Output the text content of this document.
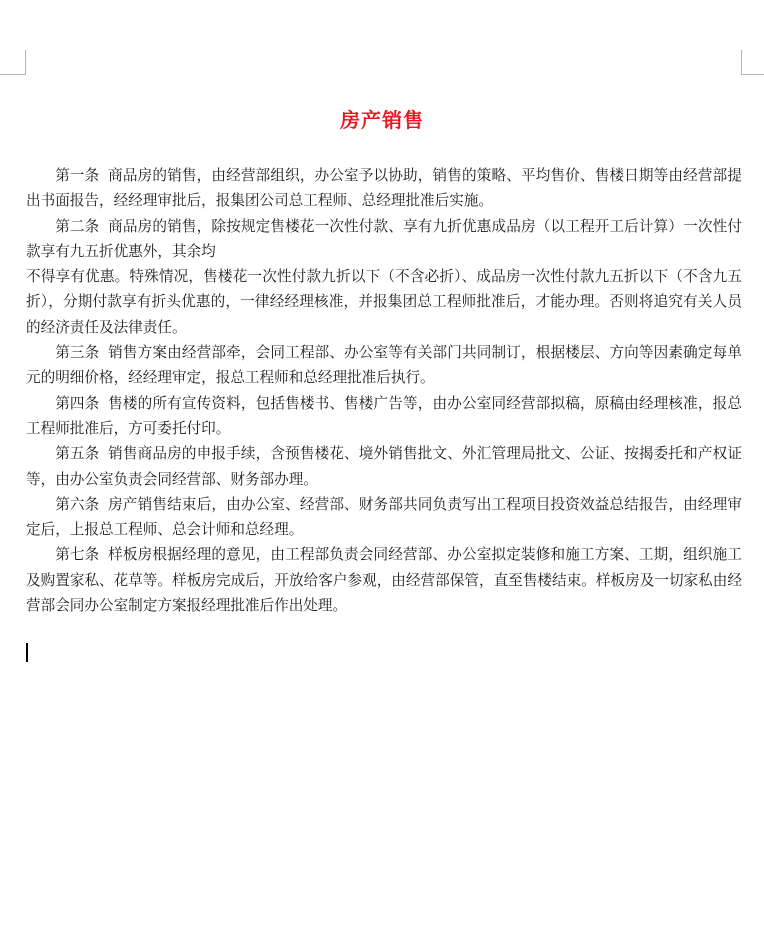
房产销售

第一条 商品房的销售，由经营部组织，办公室予以协助，销售的策略、平均售价、售楼日期等由经营部提出书面报告，经经理审批后，报集团公司总工程师、总经理批准后实施。

第二条 商品房的销售，除按规定售楼花一次性付款、享有九折优惠成品房（以工程开工后计算）一次性付款享有九五折优惠外，其余均

不得享有优惠。特殊情况，售楼花一次性付款九折以下（不含必折）、成品房一次性付款九五折以下（不含九五折），分期付款享有折头优惠的，一律经经理核准，并报集团总工程师批准后，才能办理。否则将追究有关人员的经济责任及法律责任。

第三条 销售方案由经营部牵，会同工程部、办公室等有关部门共同制订，根据楼层、方向等因素确定每单元的明细价格，经经理审定，报总工程师和总经理批准后执行。

第四条 售楼的所有宣传资料，包括售楼书、售楼广告等，由办公室同经营部拟稿，原稿由经理核准，报总工程师批准后，方可委托付印。

第五条 销售商品房的申报手续，含预售楼花、境外销售批文、外汇管理局批文、公证、按揭委托和产权证等，由办公室负责会同经营部、财务部办理。

第六条 房产销售结束后，由办公室、经营部、财务部共同负责写出工程项目投资效益总结报告，由经理审定后，上报总工程师、总会计师和总经理。

第七条 样板房根据经理的意见，由工程部负责会同经营部、办公室拟定装修和施工方案、工期，组织施工及购置家私、花草等。样板房完成后，开放给客户参观，由经营部保管，直至售楼结束。样板房及一切家私由经营部会同办公室制定方案报经理批准后作出处理。
